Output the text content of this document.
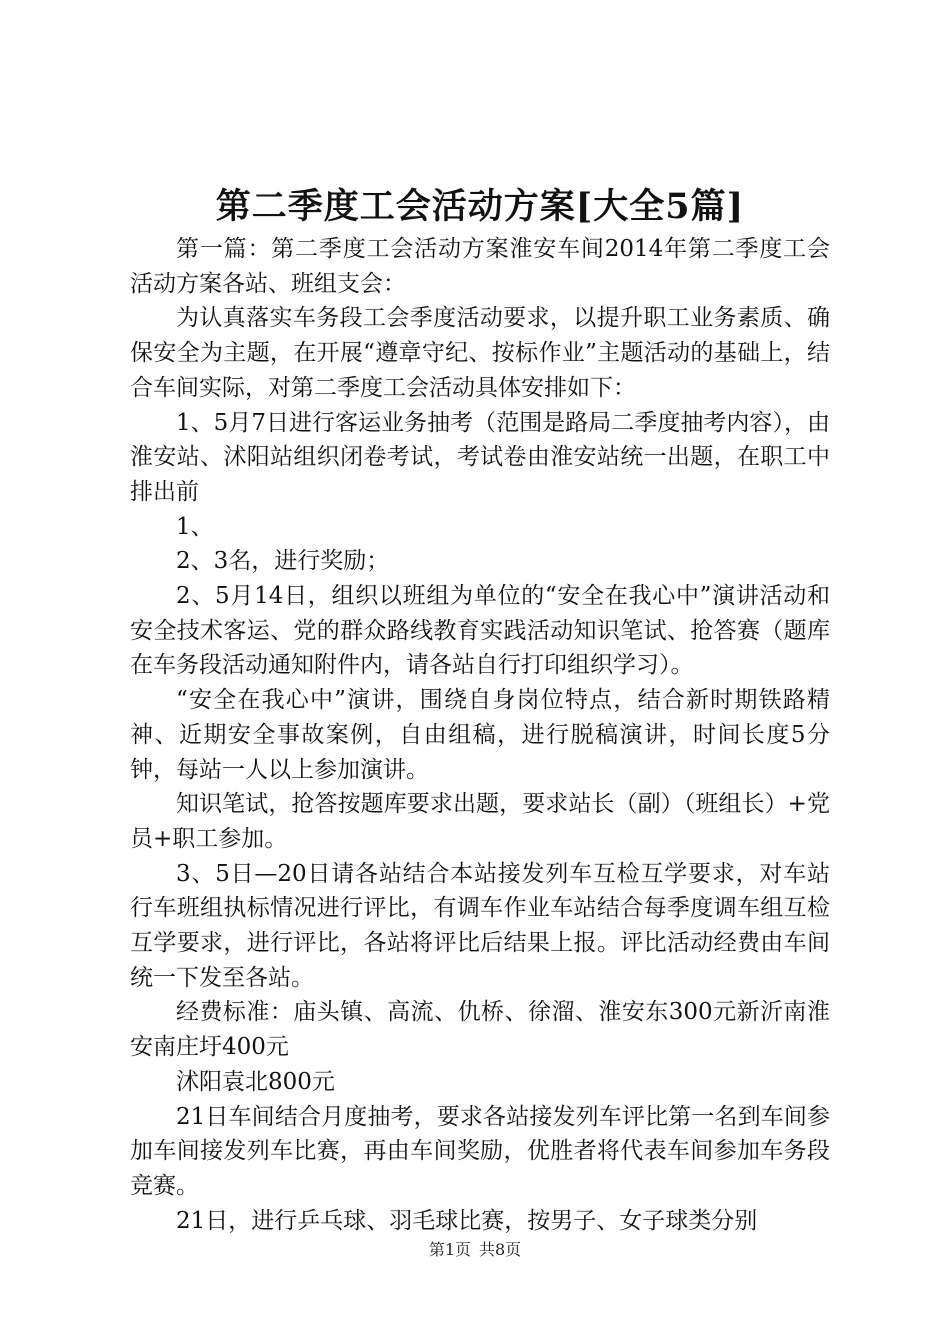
第二季度工会活动方案[大全5篇]

第一篇：第二季度工会活动方案淮安车间2014年第二季度工会活动方案各站、班组支会：

为认真落实车务段工会季度活动要求，以提升职工业务素质、确保安全为主题，在开展“遵章守纪、按标作业”主题活动的基础上，结合车间实际，对第二季度工会活动具体安排如下：

1、5月7日进行客运业务抽考（范围是路局二季度抽考内容），由淮安站、沭阳站组织闭卷考试，考试卷由淮安站统一出题，在职工中排出前

1、

2、3名，进行奖励；

2、5月14日，组织以班组为单位的“安全在我心中”演讲活动和安全技术客运、党的群众路线教育实践活动知识笔试、抢答赛（题库在车务段活动通知附件内，请各站自行打印组织学习）。

“安全在我心中”演讲，围绕自身岗位特点，结合新时期铁路精神、近期安全事故案例，自由组稿，进行脱稿演讲，时间长度5分钟，每站一人以上参加演讲。

知识笔试，抢答按题库要求出题，要求站长（副）（班组长）+党员+职工参加。

3、5日—20日请各站结合本站接发列车互检互学要求，对车站行车班组执标情况进行评比，有调车作业车站结合每季度调车组互检互学要求，进行评比，各站将评比后结果上报。评比活动经费由车间统一下发至各站。

经费标准：庙头镇、高流、仇桥、徐溜、淮安东300元新沂南淮安南庄圩400元

沭阳袁北800元

21日车间结合月度抽考，要求各站接发列车评比第一名到车间参加车间接发列车比赛，再由车间奖励，优胜者将代表车间参加车务段竞赛。

21日，进行乒乓球、羽毛球比赛，按男子、女子球类分别

第1页 共8页
